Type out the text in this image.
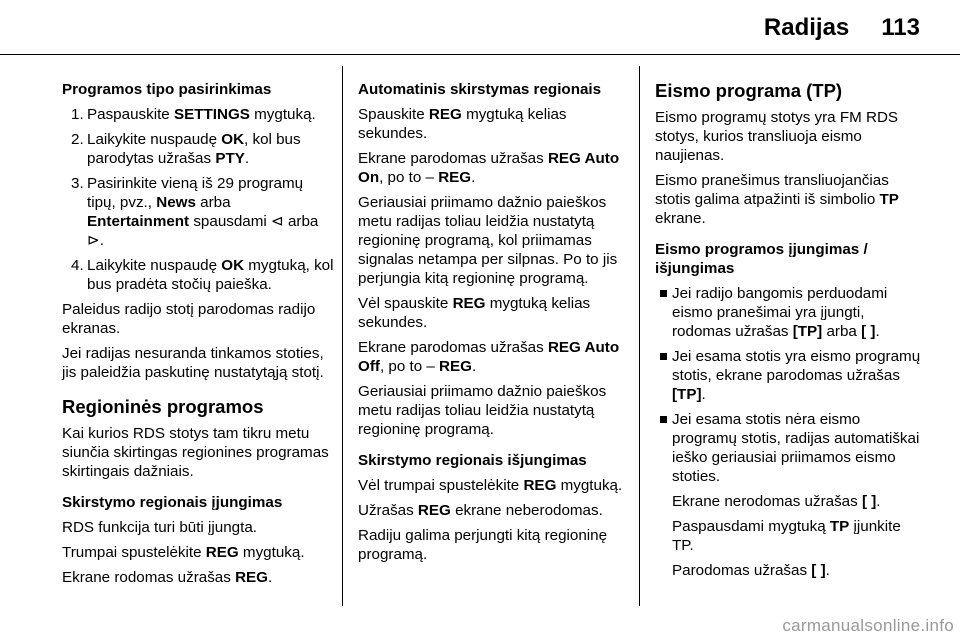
Radijas 113

Programos tipo pasirinkimas

1. Paspauskite SETTINGS mygtuką.
2. Laikykite nuspaudę OK, kol bus parodytas užrašas PTY.
3. Pasirinkite vieną iš 29 programų tipų, pvz., News arba Entertainment spausdami ⊲ arba ⊳.
4. Laikykite nuspaudę OK mygtuką, kol bus pradėta stočių paieška.

Paleidus radijo stotį parodomas radijo ekranas.

Jei radijas nesuranda tinkamos stoties, jis paleidžia paskutinę nustatytąją stotį.

Regioninės programos

Kai kurios RDS stotys tam tikru metu siunčia skirtingas regionines programas skirtingais dažniais.

Skirstymo regionais įjungimas

RDS funkcija turi būti įjungta.

Trumpai spustelėkite REG mygtuką.

Ekrane rodomas užrašas REG.

Automatinis skirstymas regionais

Spauskite REG mygtuką kelias sekundes.

Ekrane parodomas užrašas REG Auto On, po to – REG.

Geriausiai priimamo dažnio paieškos metu radijas toliau leidžia nustatytą regioninę programą, kol priimamas signalas netampa per silpnas. Po to jis perjungia kitą regioninę programą.

Vėl spauskite REG mygtuką kelias sekundes.

Ekrane parodomas užrašas REG Auto Off, po to – REG.

Geriausiai priimamo dažnio paieškos metu radijas toliau leidžia nustatytą regioninę programą.

Skirstymo regionais išjungimas

Vėl trumpai spustelėkite REG mygtuką.

Užrašas REG ekrane neberodomas.

Radiju galima perjungti kitą regioninę programą.

Eismo programa (TP)

Eismo programų stotys yra FM RDS stotys, kurios transliuoja eismo naujienas.

Eismo pranešimus transliuojančias stotis galima atpažinti iš simbolio TP ekrane.

Eismo programos įjungimas / išjungimas

Jei radijo bangomis perduodami eismo pranešimai yra įjungti, rodomas užrašas [TP] arba [ ].
Jei esama stotis yra eismo programų stotis, ekrane parodomas užrašas [TP].
Jei esama stotis nėra eismo programų stotis, radijas automatiškai ieško geriausiai priimamos eismo stoties.

Ekrane nerodomas užrašas [ ].

Paspausdami mygtuką TP įjunkite TP.

Parodomas užrašas [ ].

carmanualsonline.info
